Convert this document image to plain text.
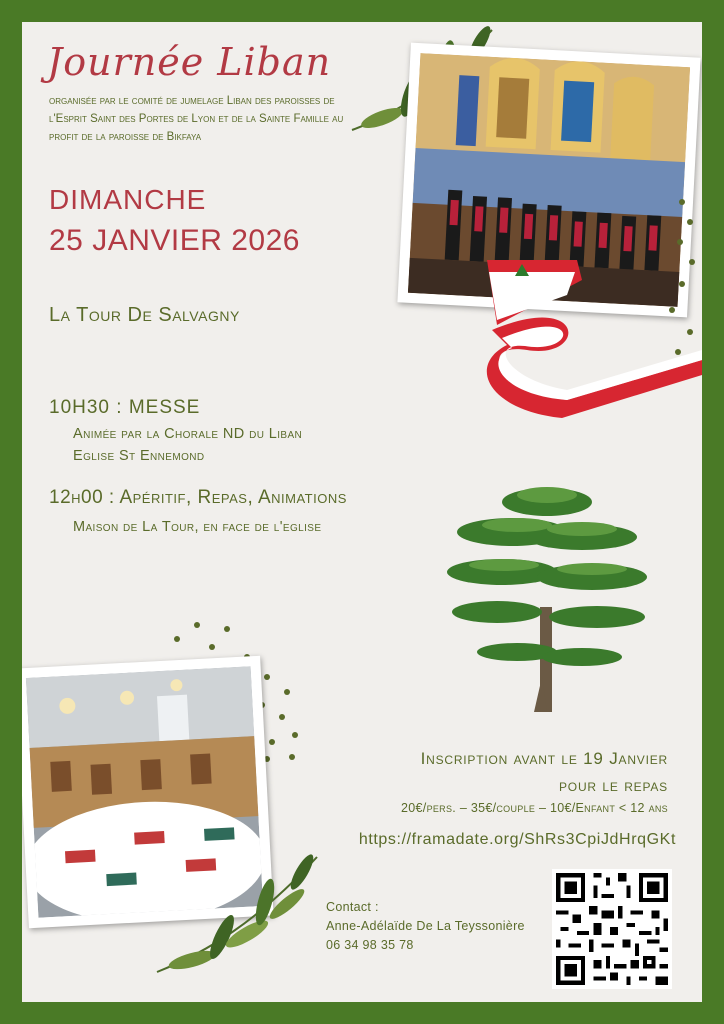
Journée Liban
organisée par le comité de jumelage Liban des paroisses de l'Esprit Saint des Portes de Lyon et de la Sainte Famille au profit de la paroisse de Bikfaya
DIMANCHE
25 JANVIER 2026
La Tour De Salvagny
10H30 : MESSE
Animée par la Chorale ND du Liban
Eglise St Ennemond
12h00 : Apéritif, Repas, Animations
Maison de La Tour, en face de l'eglise
Inscription avant le 19 Janvier
pour le repas
20€/pers. – 35€/couple – 10€/Enfant < 12 ans
https://framadate.org/ShRs3CpiJdHrqGKt
Contact :
Anne-Adélaïde De La Teyssonière
06 34 98 35 78
